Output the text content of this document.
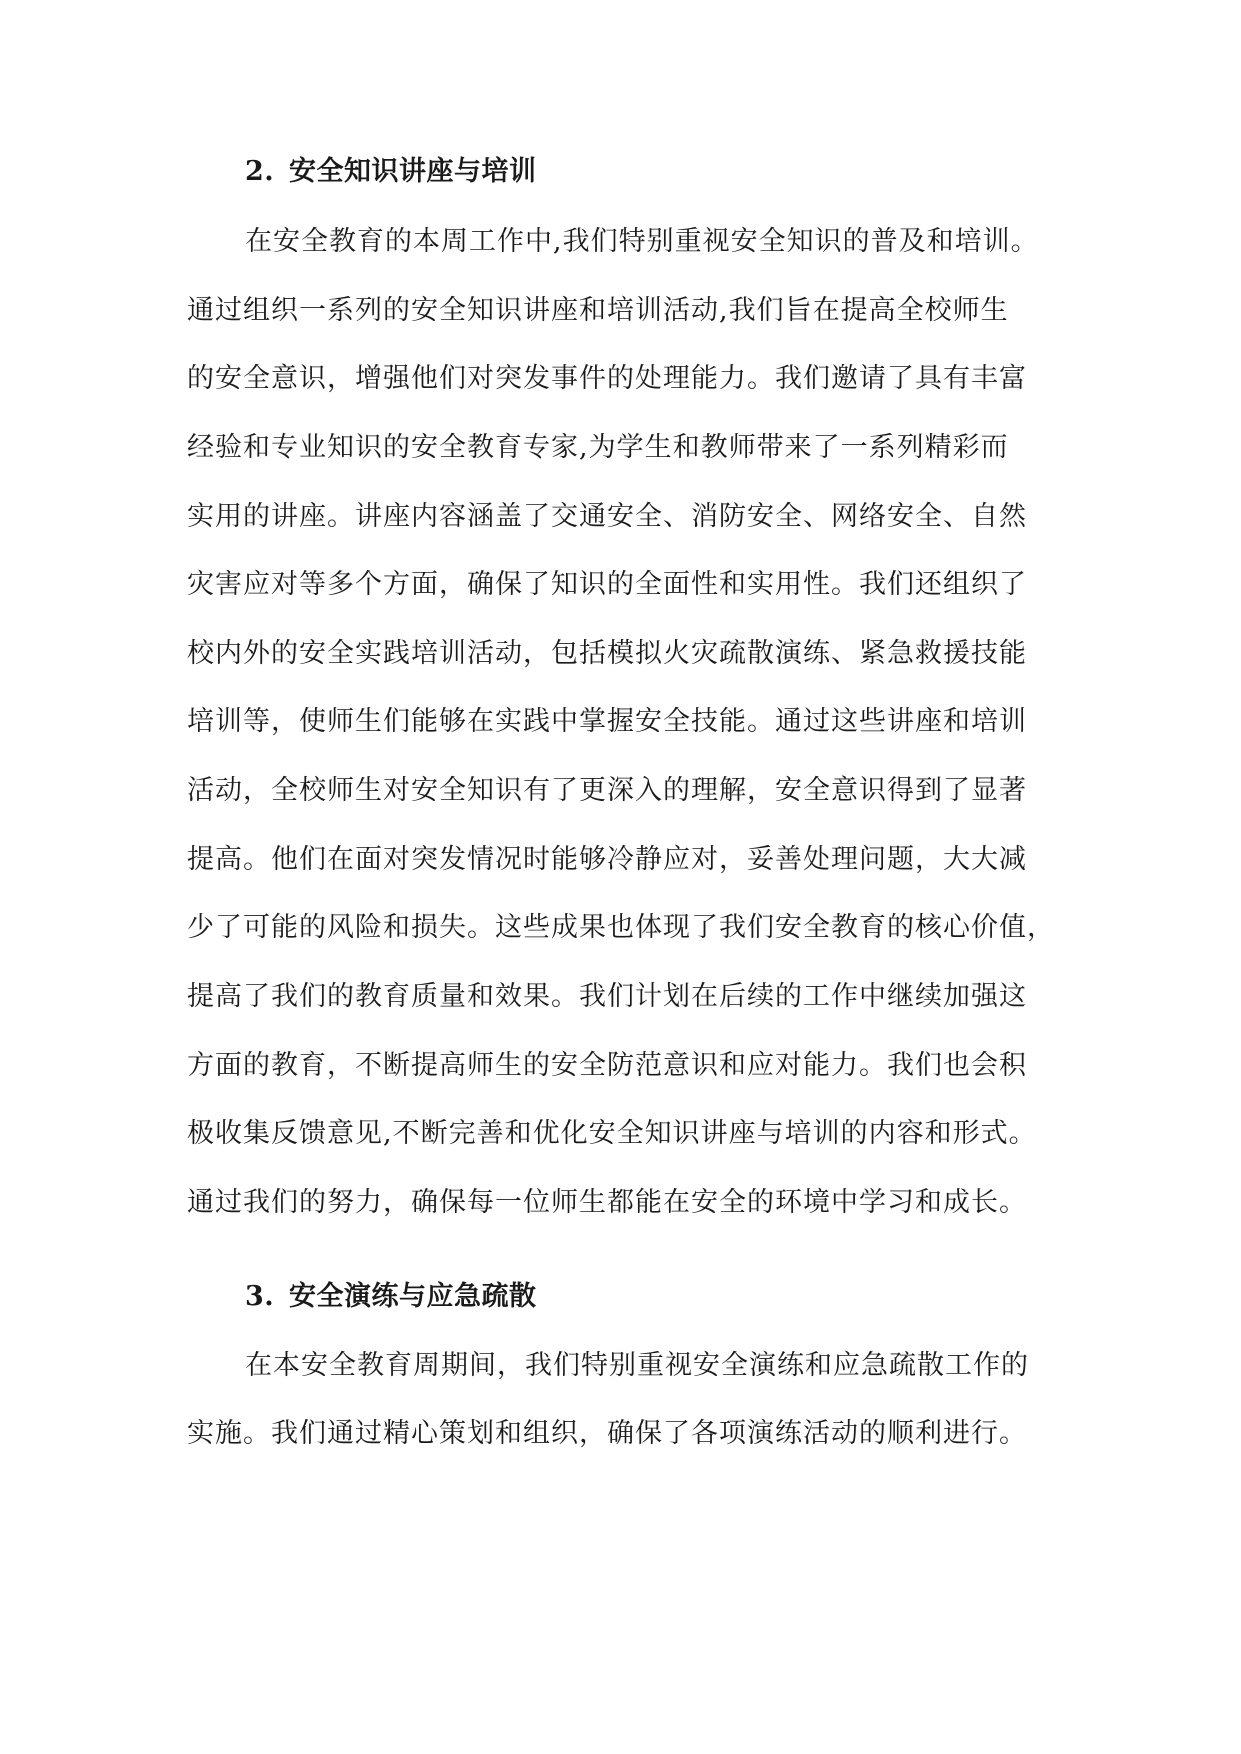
2. 安全知识讲座与培训
在安全教育的本周工作中,我们特别重视安全知识的普及和培训。
通过组织一系列的安全知识讲座和培训活动,我们旨在提高全校师生
的安全意识，增强他们对突发事件的处理能力。我们邀请了具有丰富
经验和专业知识的安全教育专家,为学生和教师带来了一系列精彩而
实用的讲座。讲座内容涵盖了交通安全、消防安全、网络安全、自然
灾害应对等多个方面，确保了知识的全面性和实用性。我们还组织了
校内外的安全实践培训活动，包括模拟火灾疏散演练、紧急救援技能
培训等，使师生们能够在实践中掌握安全技能。通过这些讲座和培训
活动，全校师生对安全知识有了更深入的理解，安全意识得到了显著
提高。他们在面对突发情况时能够冷静应对，妥善处理问题，大大减
少了可能的风险和损失。这些成果也体现了我们安全教育的核心价值，
提高了我们的教育质量和效果。我们计划在后续的工作中继续加强这
方面的教育，不断提高师生的安全防范意识和应对能力。我们也会积
极收集反馈意见,不断完善和优化安全知识讲座与培训的内容和形式。
通过我们的努力，确保每一位师生都能在安全的环境中学习和成长。
3. 安全演练与应急疏散
在本安全教育周期间，我们特别重视安全演练和应急疏散工作的
实施。我们通过精心策划和组织，确保了各项演练活动的顺利进行。
